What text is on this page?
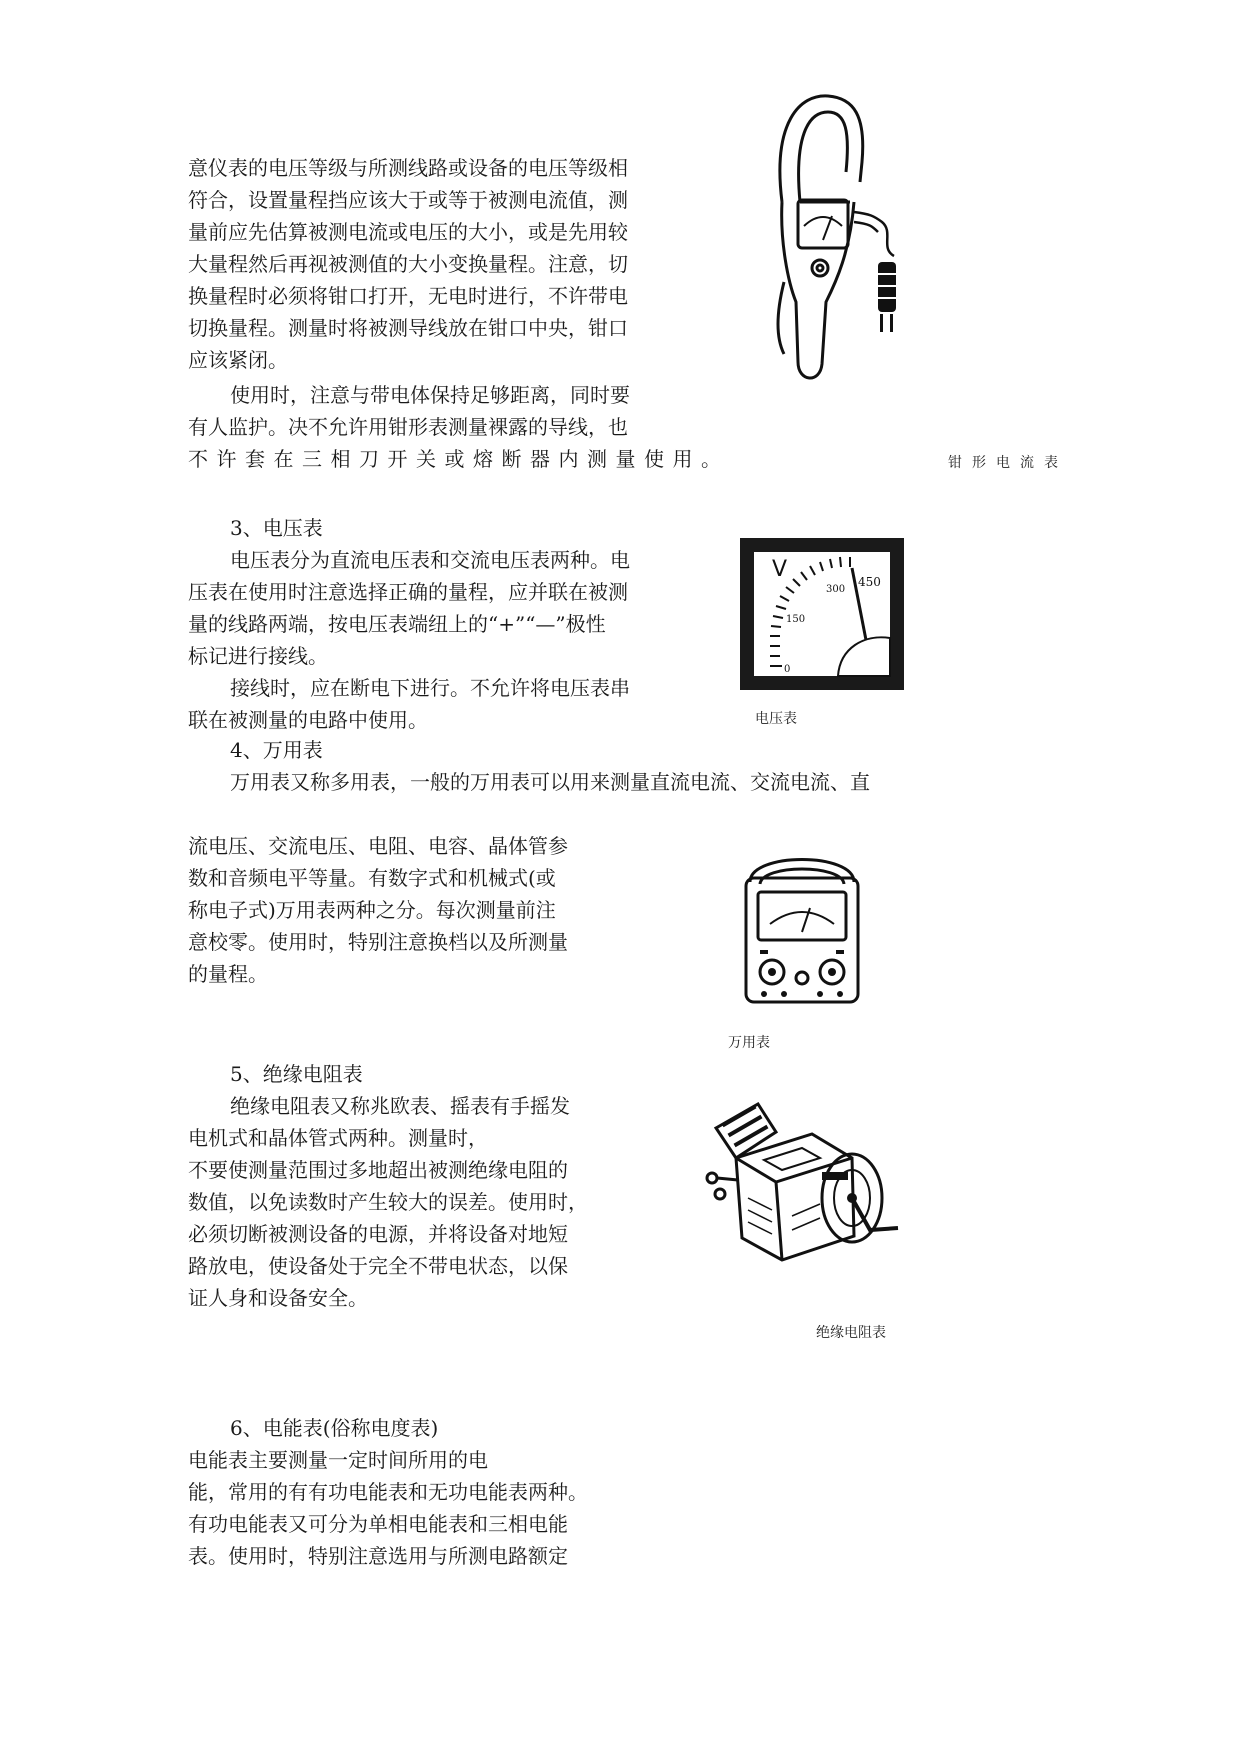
意仪表的电压等级与所测线路或设备的电压等级相
符合，设置量程挡应该大于或等于被测电流值，测
量前应先估算被测电流或电压的大小，或是先用较
大量程然后再视被测值的大小变换量程。注意，切
换量程时必须将钳口打开，无电时进行，不许带电
切换量程。测量时将被测导线放在钳口中央，钳口
应该紧闭。
使用时，注意与带电体保持足够距离，同时要
有人监护。决不允许用钳形表测量裸露的导线，也
不许套在三相刀开关或熔断器内测量使用。	钳形电流表
3、电压表
电压表分为直流电压表和交流电压表两种。电
压表在使用时注意选择正确的量程，应并联在被测
量的线路两端，按电压表端纽上的“+”“—”极性
标记进行接线。
接线时，应在断电下进行。不允许将电压表串
联在被测量的电路中使用。
V
0
150
300
450
电压表
4、万用表
万用表又称多用表，一般的万用表可以用来测量直流电流、交流电流、直
流电压、交流电压、电阻、电容、晶体管参
数和音频电平等量。有数字式和机械式(或
称电子式)万用表两种之分。每次测量前注
意校零。使用时，特别注意换档以及所测量
的量程。
万用表
5、绝缘电阻表
绝缘电阻表又称兆欧表、摇表有手摇发
电机式和晶体管式两种。测量时，
不要使测量范围过多地超出被测绝缘电阻的
数值，以免读数时产生较大的误差。使用时，
必须切断被测设备的电源，并将设备对地短
路放电，使设备处于完全不带电状态，以保
证人身和设备安全。
绝缘电阻表
6、电能表(俗称电度表)
电能表主要测量一定时间所用的电
能，常用的有有功电能表和无功电能表两种。
有功电能表又可分为单相电能表和三相电能
表。使用时，特别注意选用与所测电路额定
